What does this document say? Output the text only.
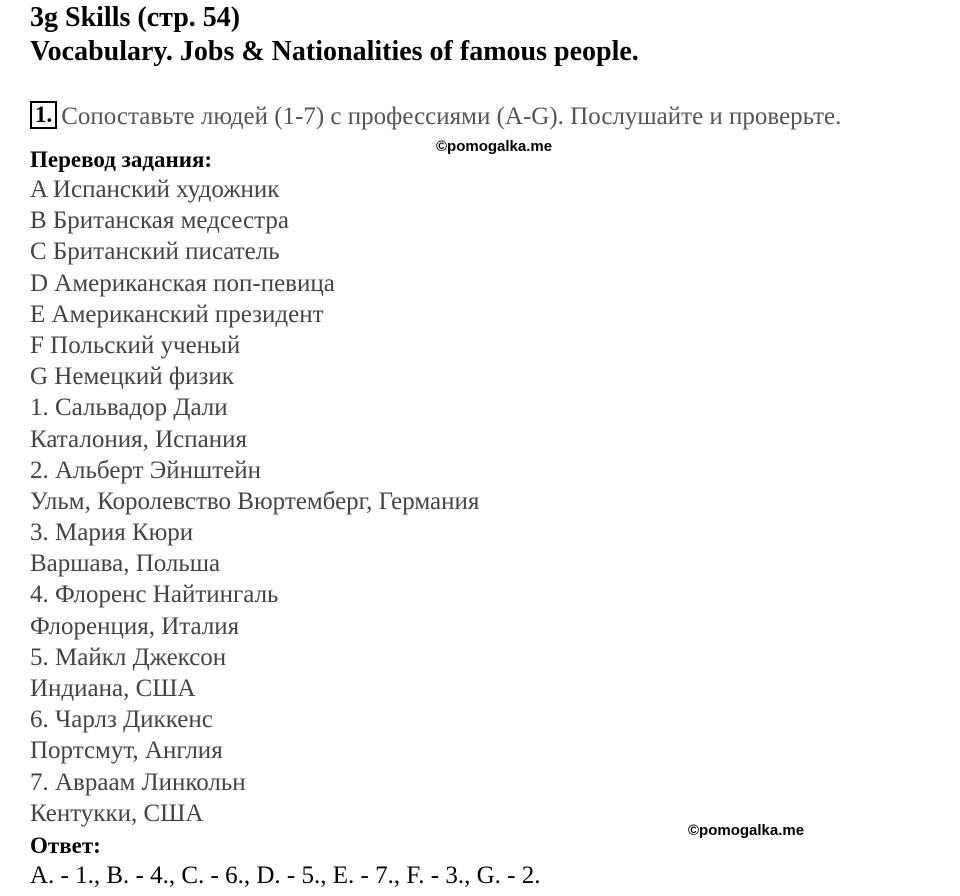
3g Skills (стр. 54)
Vocabulary. Jobs & Nationalities of famous people.
1. Сопоставьте людей (1-7) с профессиями (A-G). Послушайте и проверьте.
Перевод задания:
A Испанский художник
B Британская медсестра
C Британский писатель
D Американская поп-певица
E Американский президент
F Польский ученый
G Немецкий физик
1. Сальвадор Дали
Каталония, Испания
2. Альберт Эйнштейн
Ульм, Королевство Вюртемберг, Германия
3. Мария Кюри
Варшава, Польша
4. Флоренс Найтингаль
Флоренция, Италия
5. Майкл Джексон
Индиана, США
6. Чарлз Диккенс
Портсмут, Англия
7. Авраам Линкольн
Кентукки, США
Ответ:
A. - 1., B. - 4., C. - 6., D. - 5., E. - 7., F. - 3., G. - 2.
©pomogalka.me
©pomogalka.me
